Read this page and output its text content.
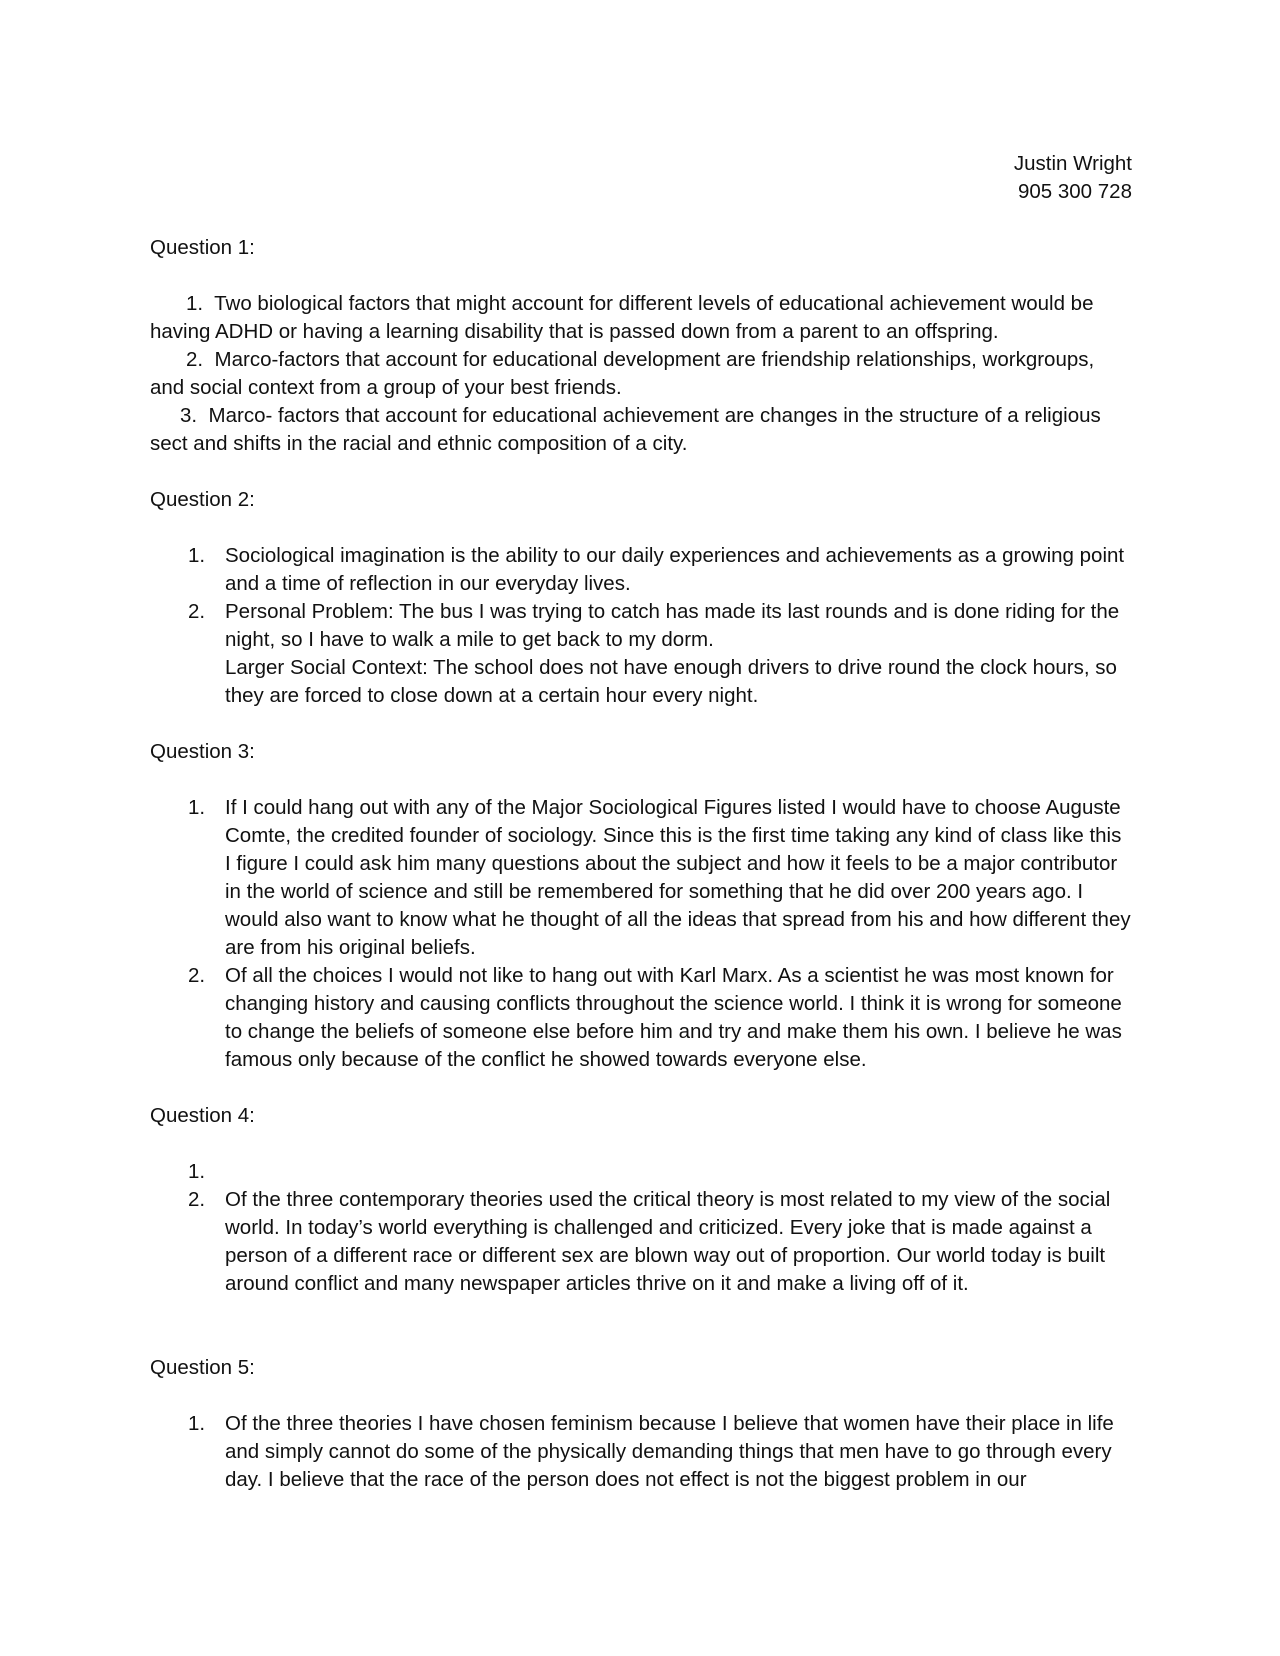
Justin Wright
905 300 728

Question 1:

1. Two biological factors that might account for different levels of educational achievement would be having ADHD or having a learning disability that is passed down from a parent to an offspring.

2. Marco-factors that account for educational development are friendship relationships, workgroups, and social context from a group of your best friends.

3. Marco- factors that account for educational achievement are changes in the structure of a religious sect and shifts in the racial and ethnic composition of a city.

Question 2:

1. Sociological imagination is the ability to our daily experiences and achievements as a growing point and a time of reflection in our everyday lives.
2. Personal Problem: The bus I was trying to catch has made its last rounds and is done riding for the night, so I have to walk a mile to get back to my dorm.
Larger Social Context: The school does not have enough drivers to drive round the clock hours, so they are forced to close down at a certain hour every night.

Question 3:

1. If I could hang out with any of the Major Sociological Figures listed I would have to choose Auguste Comte, the credited founder of sociology. Since this is the first time taking any kind of class like this I figure I could ask him many questions about the subject and how it feels to be a major contributor in the world of science and still be remembered for something that he did over 200 years ago. I would also want to know what he thought of all the ideas that spread from his and how different they are from his original beliefs.
2. Of all the choices I would not like to hang out with Karl Marx. As a scientist he was most known for changing history and causing conflicts throughout the science world. I think it is wrong for someone to change the beliefs of someone else before him and try and make them his own. I believe he was famous only because of the conflict he showed towards everyone else.

Question 4:

1.
2. Of the three contemporary theories used the critical theory is most related to my view of the social world. In today’s world everything is challenged and criticized. Every joke that is made against a person of a different race or different sex are blown way out of proportion. Our world today is built around conflict and many newspaper articles thrive on it and make a living off of it.

Question 5:

1. Of the three theories I have chosen feminism because I believe that women have their place in life and simply cannot do some of the physically demanding things that men have to go through every day. I believe that the race of the person does not effect is not the biggest problem in our
